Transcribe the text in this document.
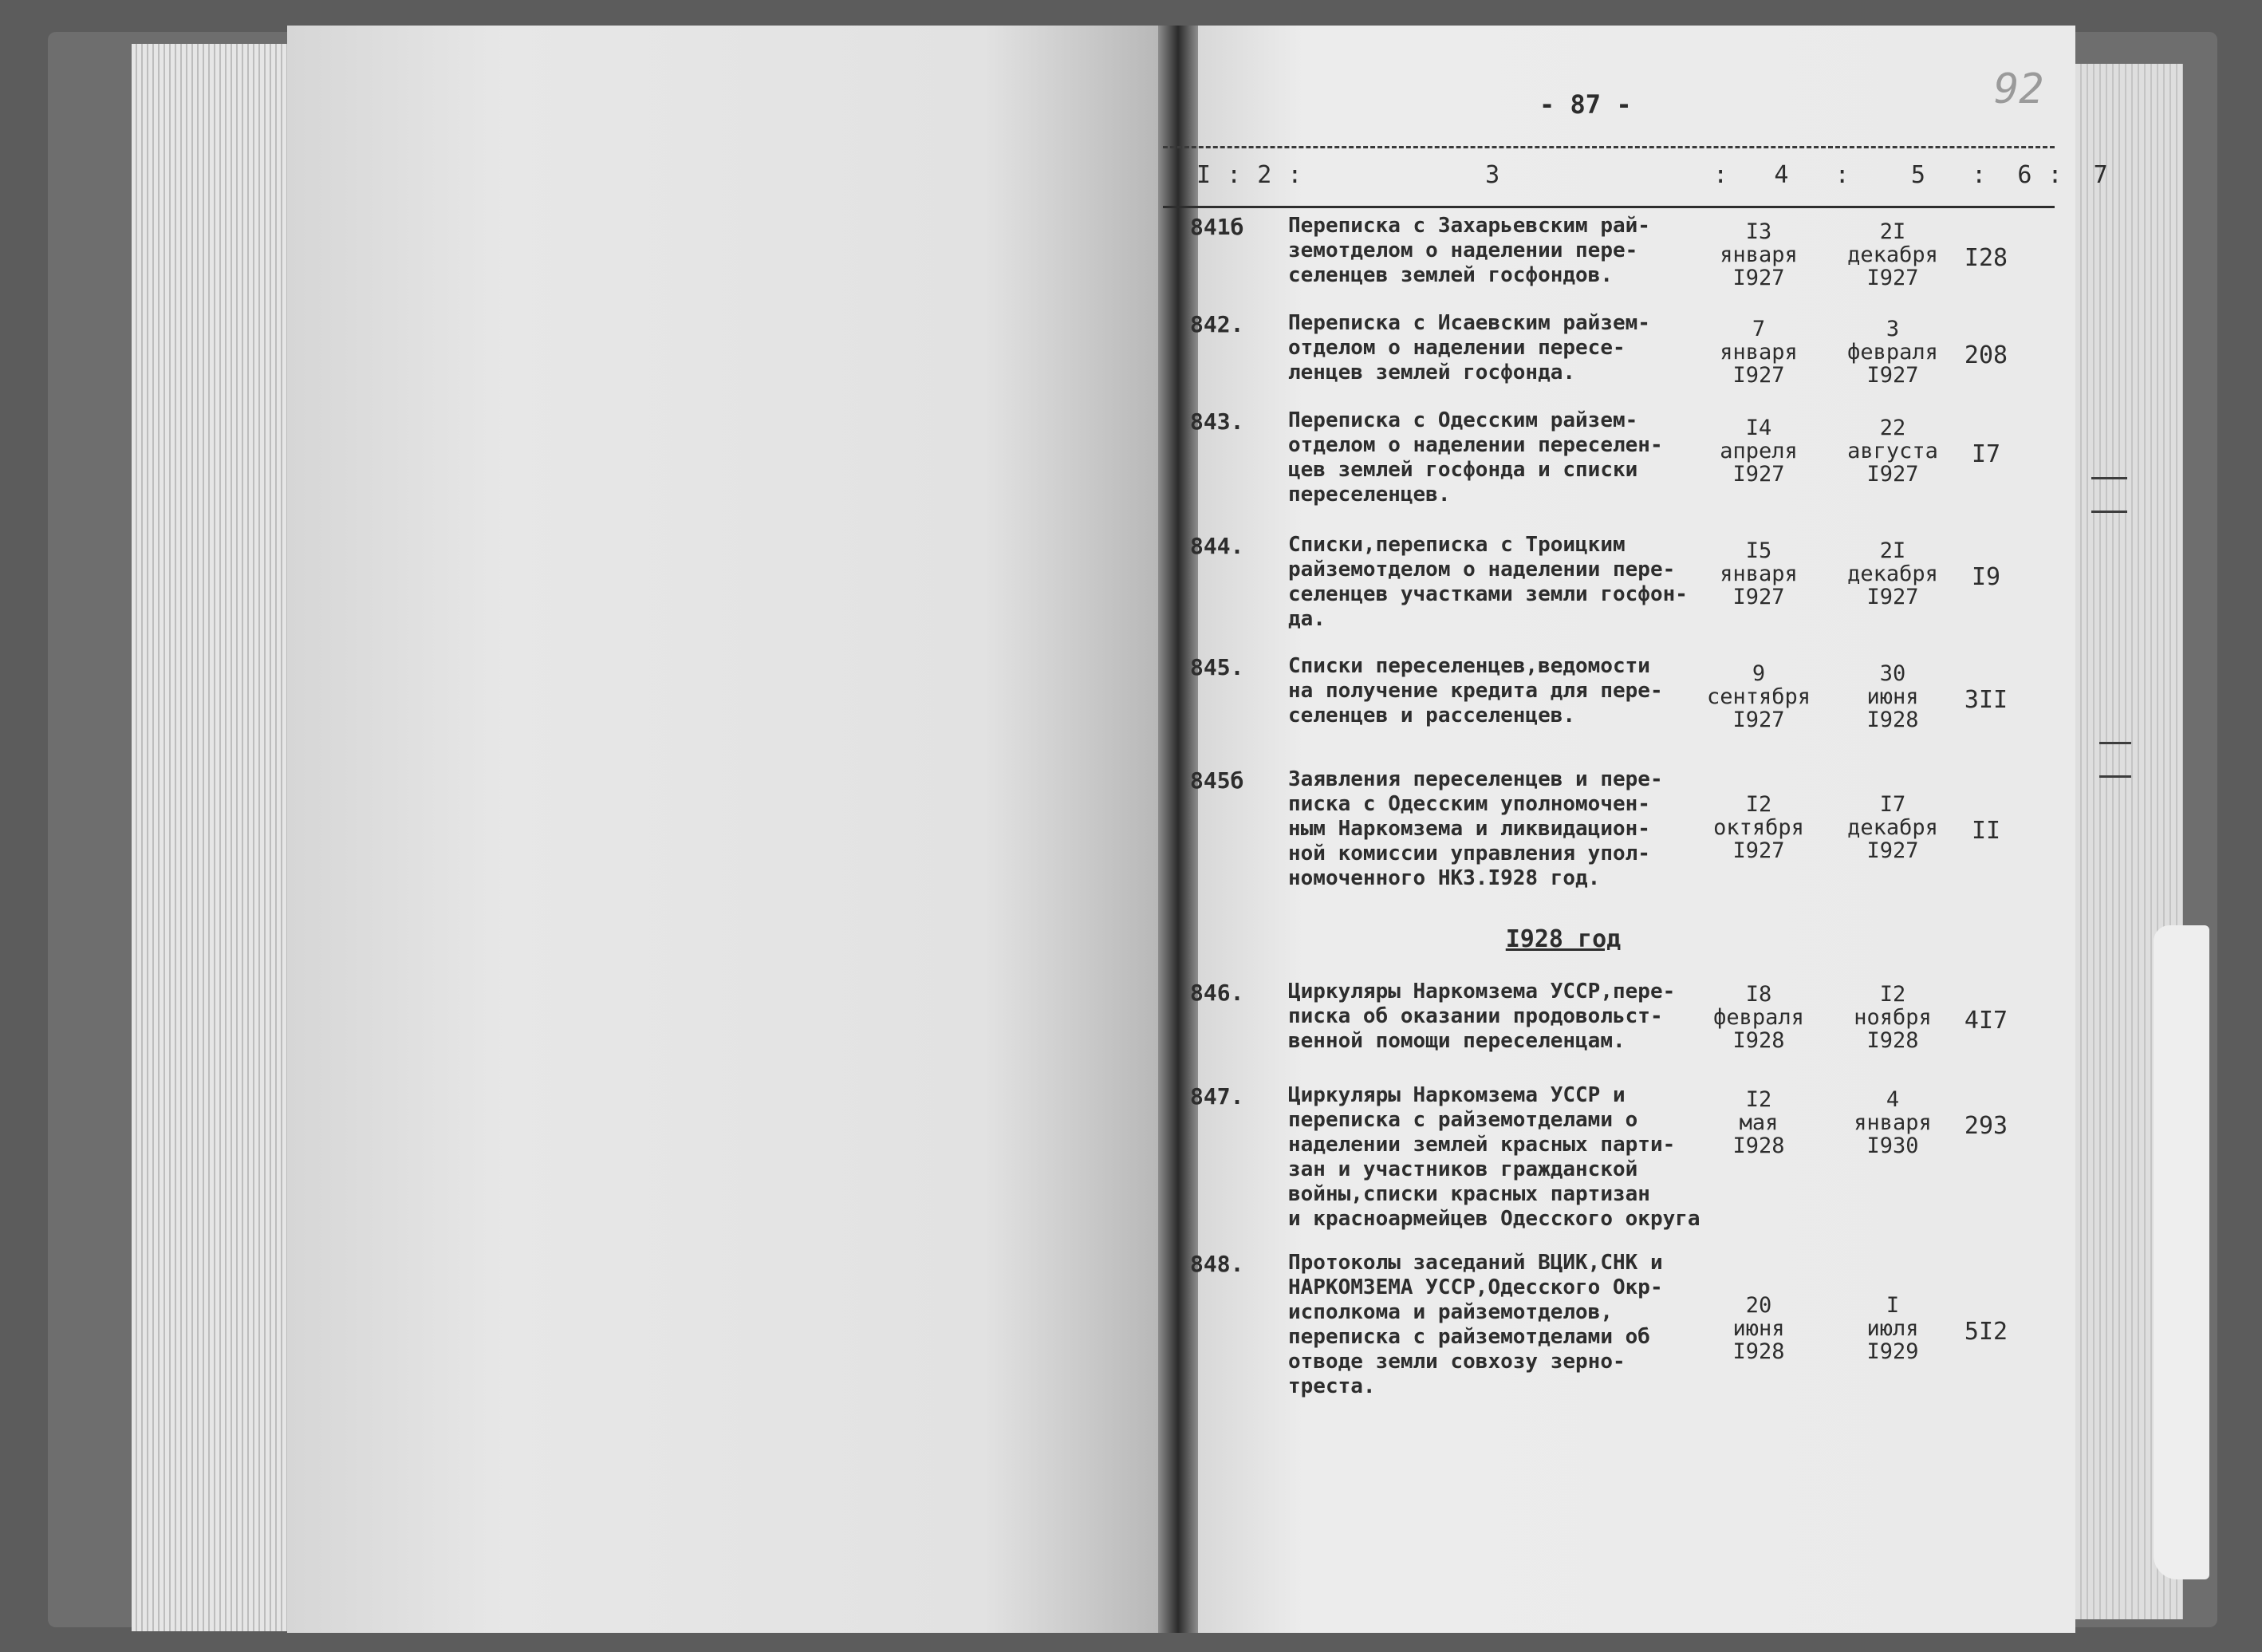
- 87 -	92
I : 2 :            3              :   4   :    5   :  6 :  7
I928 год
841б Переписка с Захарьевским рай-
земотделом о наделении пере-
селенцев землей госфондов.
I3
января
I927
2I
декабря
I927
I28
842. Переписка с Исаевским райзем-
отделом о наделении пересе-
ленцев землей госфонда.
7
января
I927
3
февраля
I927
208
843. Переписка с Одесским райзем-
отделом о наделении переселен-
цев землей госфонда и списки
переселенцев.
I4
апреля
I927
22
августа
I927
I7
844. Списки,переписка с Троицким
райземотделом о наделении пере-
селенцев участками земли госфон-
да.
I5
января
I927
2I
декабря
I927
I9
845. Списки переселенцев,ведомости
на получение кредита для пере-
селенцев и расселенцев.
9
сентября
I927
30
июня
I928
3II
845б Заявления переселенцев и пере-
писка с Одесским уполномочен-
ным Наркомзема и ликвидацион-
ной комиссии управления упол-
номоченного НКЗ.I928 год.
I2
октября
I927
I7
декабря
I927
II
846. Циркуляры Наркомзема УССР,пере-
писка об оказании продовольст-
венной помощи переселенцам.
I8
февраля
I928
I2
ноября
I928
4I7
847. Циркуляры Наркомзема УССР и
переписка с райземотделами о
наделении землей красных парти-
зан и участников гражданской
войны,списки красных партизан
и красноармейцев Одесского округа
I2
мая
I928
4
января
I930
293
848. Протоколы заседаний ВЦИК,СНК и
НАРКОМЗЕМА УССР,Одесского Окр-
исполкома и райземотделов,
переписка с райземотделами об
отводе земли совхозу зерно-
треста.
20
июня
I928
I
июля
I929
5I2
